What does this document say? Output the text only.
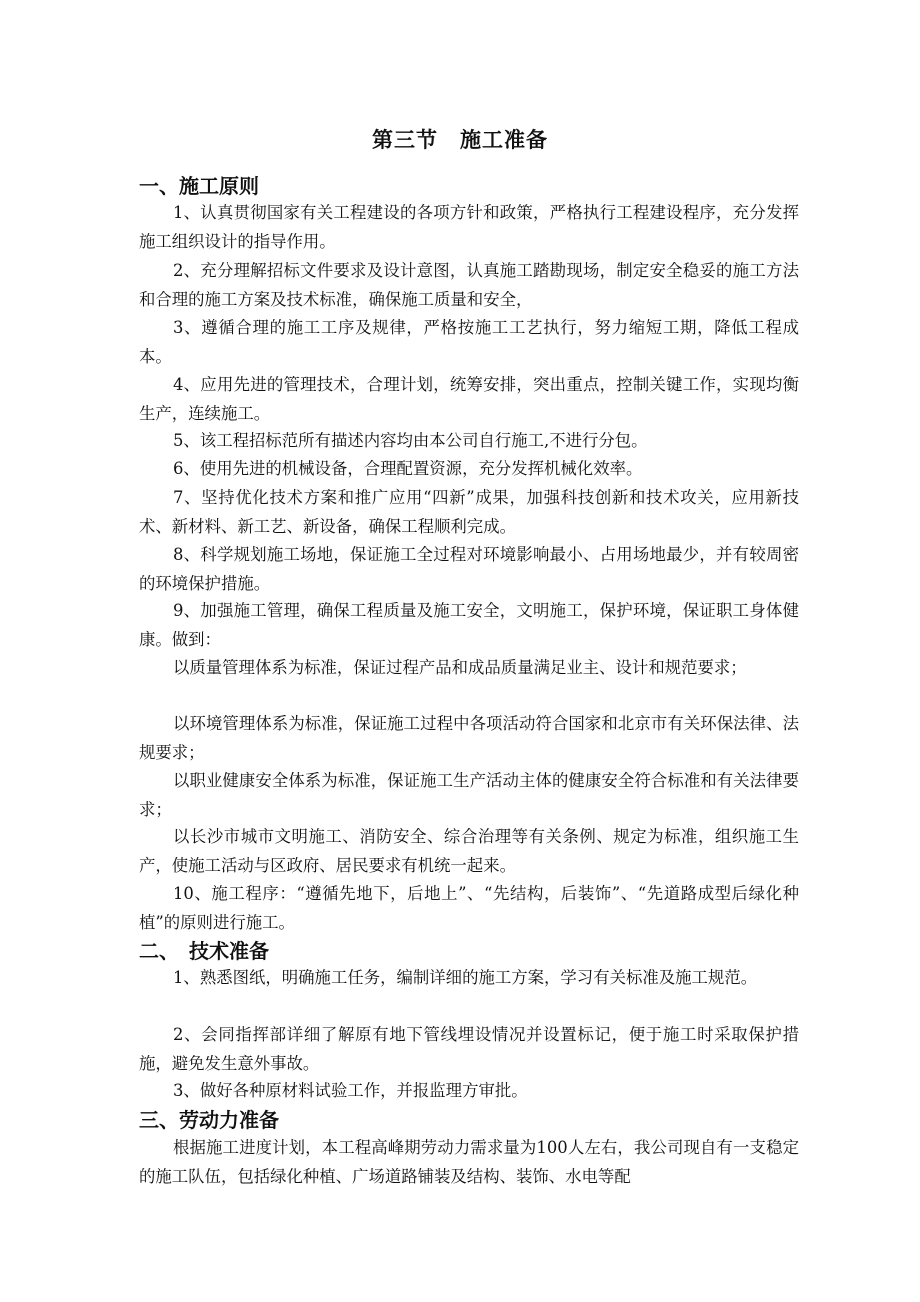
第三节　施工准备
一、施工原则

1、认真贯彻国家有关工程建设的各项方针和政策，严格执行工程建设程序，充分发挥施工组织设计的指导作用。

2、充分理解招标文件要求及设计意图，认真施工踏勘现场，制定安全稳妥的施工方法和合理的施工方案及技术标准，确保施工质量和安全，

3、遵循合理的施工工序及规律，严格按施工工艺执行，努力缩短工期，降低工程成本。

4、应用先进的管理技术，合理计划，统筹安排，突出重点，控制关键工作，实现均衡生产，连续施工。

5、该工程招标范所有描述内容均由本公司自行施工,不进行分包。

6、使用先进的机械设备，合理配置资源，充分发挥机械化效率。

7、坚持优化技术方案和推广应用“四新”成果，加强科技创新和技术攻关，应用新技术、新材料、新工艺、新设备，确保工程顺利完成。

8、科学规划施工场地，保证施工全过程对环境影响最小、占用场地最少，并有较周密的环境保护措施。

9、加强施工管理，确保工程质量及施工安全，文明施工，保护环境，保证职工身体健康。做到：

以质量管理体系为标准，保证过程产品和成品质量满足业主、设计和规范要求；

以环境管理体系为标准，保证施工过程中各项活动符合国家和北京市有关环保法律、法规要求；

以职业健康安全体系为标准，保证施工生产活动主体的健康安全符合标准和有关法律要求；

以长沙市城市文明施工、消防安全、综合治理等有关条例、规定为标准，组织施工生产，使施工活动与区政府、居民要求有机统一起来。

10、施工程序：“遵循先地下，后地上”、“先结构，后装饰”、“先道路成型后绿化种植”的原则进行施工。

二、　技术准备

1、熟悉图纸，明确施工任务，编制详细的施工方案，学习有关标准及施工规范。

2、会同指挥部详细了解原有地下管线埋设情况并设置标记，便于施工时采取保护措施，避免发生意外事故。

3、做好各种原材料试验工作，并报监理方审批。

三、劳动力准备

根据施工进度计划，本工程高峰期劳动力需求量为100人左右，我公司现自有一支稳定的施工队伍，包括绿化种植、广场道路铺装及结构、装饰、水电等配
